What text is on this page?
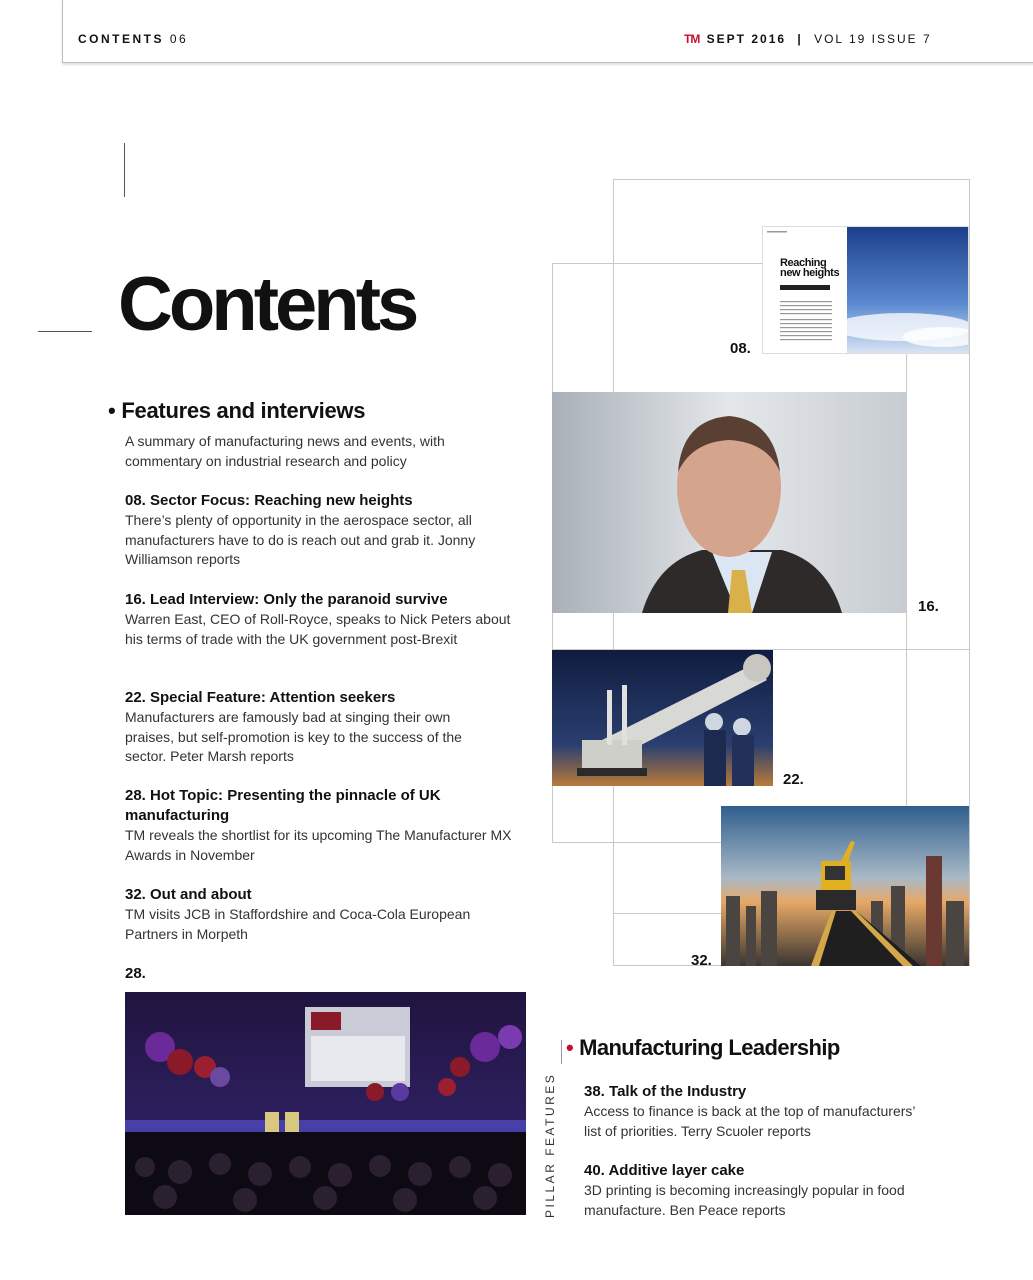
CONTENTS 06	TM SEPT 2016 | VOL 19 ISSUE 7
Contents
• Features and interviews
A summary of manufacturing news and events, with commentary on industrial research and policy
08. Sector Focus: Reaching new heights
There’s plenty of opportunity in the aerospace sector, all manufacturers have to do is reach out and grab it. Jonny Williamson reports
16. Lead Interview: Only the paranoid survive
Warren East, CEO of Roll-Royce, speaks to Nick Peters about his terms of trade with the UK government post-Brexit
22. Special Feature: Attention seekers
Manufacturers are famously bad at singing their own praises, but self-promotion is key to the success of the sector. Peter Marsh reports
28. Hot Topic: Presenting the pinnacle of UK manufacturing
TM reveals the shortlist for its upcoming The Manufacturer MX Awards in November
32. Out and about
TM visits JCB in Staffordshire and Coca-Cola European Partners in Morpeth
28.
Reaching new heights
08.
16.
22.
32.
PILLAR FEATURES
• Manufacturing Leadership
38. Talk of the Industry
Access to finance is back at the top of manufacturers’ list of priorities. Terry Scuoler reports
40. Additive layer cake
3D printing is becoming increasingly popular in food manufacture. Ben Peace reports
